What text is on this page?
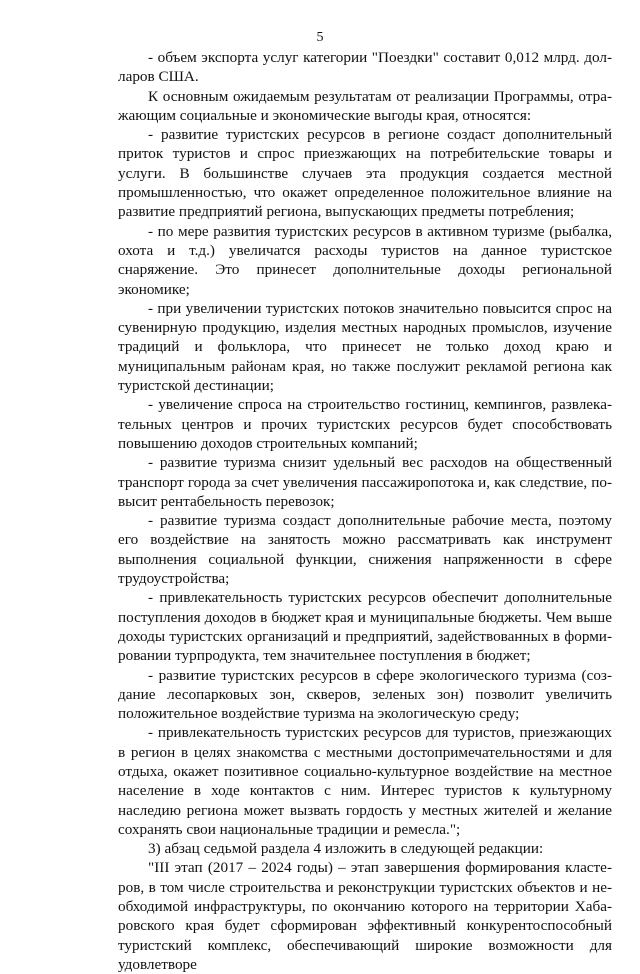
5

- объем экспорта услуг категории "Поездки" составит 0,012 млрд. долларов США.

К основным ожидаемым результатам от реализации Программы, отражающим социальные и экономические выгоды края, относятся:

- развитие туристских ресурсов в регионе создаст дополнительный приток туристов и спрос приезжающих на потребительские товары и услуги. В большинстве случаев эта продукция создается местной промышленностью, что окажет определенное положительное влияние на развитие предприятий региона, выпускающих предметы потребления;

- по мере развития туристских ресурсов в активном туризме (рыбалка, охота и т.д.) увеличатся расходы туристов на данное туристское снаряжение. Это принесет дополнительные доходы региональной экономике;

- при увеличении туристских потоков значительно повысится спрос на сувенирную продукцию, изделия местных народных промыслов, изучение традиций и фольклора, что принесет не только доход краю и муниципальным районам края, но также послужит рекламой региона как туристской дестинации;

- увеличение спроса на строительство гостиниц, кемпингов, развлекательных центров и прочих туристских ресурсов будет способствовать повышению доходов строительных компаний;

- развитие туризма снизит удельный вес расходов на общественный транспорт города за счет увеличения пассажиропотока и, как следствие, повысит рентабельность перевозок;

- развитие туризма создаст дополнительные рабочие места, поэтому его воздействие на занятость можно рассматривать как инструмент выполнения социальной функции, снижения напряженности в сфере трудоустройства;

- привлекательность туристских ресурсов обеспечит дополнительные поступления доходов в бюджет края и муниципальные бюджеты. Чем выше доходы туристских организаций и предприятий, задействованных в формировании турпродукта, тем значительнее поступления в бюджет;

- развитие туристских ресурсов в сфере экологического туризма (создание лесопарковых зон, скверов, зеленых зон) позволит увеличить положительное воздействие туризма на экологическую среду;

- привлекательность туристских ресурсов для туристов, приезжающих в регион в целях знакомства с местными достопримечательностями и для отдыха, окажет позитивное социально-культурное воздействие на местное население в ходе контактов с ним. Интерес туристов к культурному наследию региона может вызвать гордость у местных жителей и желание сохранять свои национальные традиции и ремесла.";

3) абзац седьмой раздела 4 изложить в следующей редакции:

"III этап (2017 – 2024 годы) – этап завершения формирования кластеров, в том числе строительства и реконструкции туристских объектов и необходимой инфраструктуры, по окончанию которого на территории Хабаровского края будет сформирован эффективный конкурентоспособный туристский комплекс, обеспечивающий широкие возможности для удовлетворе
